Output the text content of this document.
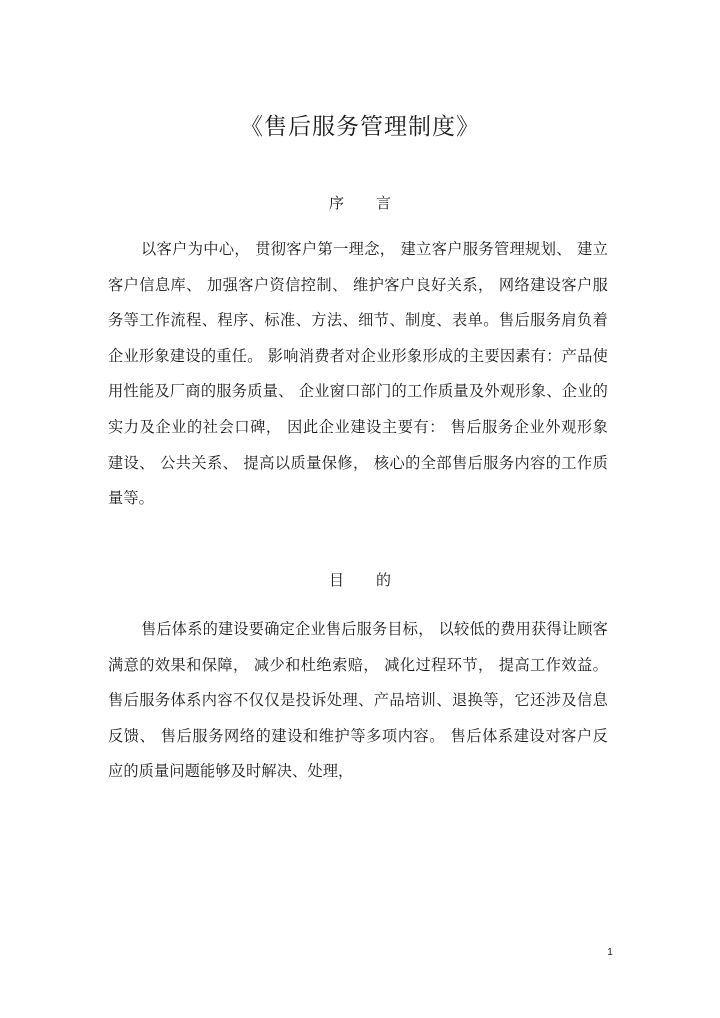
《售后服务管理制度》
序 言

以客户为中心， 贯彻客户第一理念， 建立客户服务管理规划、 建立客户信息库、 加强客户资信控制、 维护客户良好关系， 网络建设客户服务等工作流程、程序、标准、方法、细节、制度、表单。售后服务肩负着企业形象建设的重任。 影响消费者对企业形象形成的主要因素有：产品使用性能及厂商的服务质量、 企业窗口部门的工作质量及外观形象、企业的实力及企业的社会口碑， 因此企业建设主要有： 售后服务企业外观形象建设、 公共关系、 提高以质量保修， 核心的全部售后服务内容的工作质量等。

目 的

售后体系的建设要确定企业售后服务目标， 以较低的费用获得让顾客满意的效果和保障， 减少和杜绝索赔， 减化过程环节， 提高工作效益。售后服务体系内容不仅仅是投诉处理、产品培训、退换等，它还涉及信息反馈、 售后服务网络的建设和维护等多项内容。 售后体系建设对客户反应的质量问题能够及时解决、处理，

1
